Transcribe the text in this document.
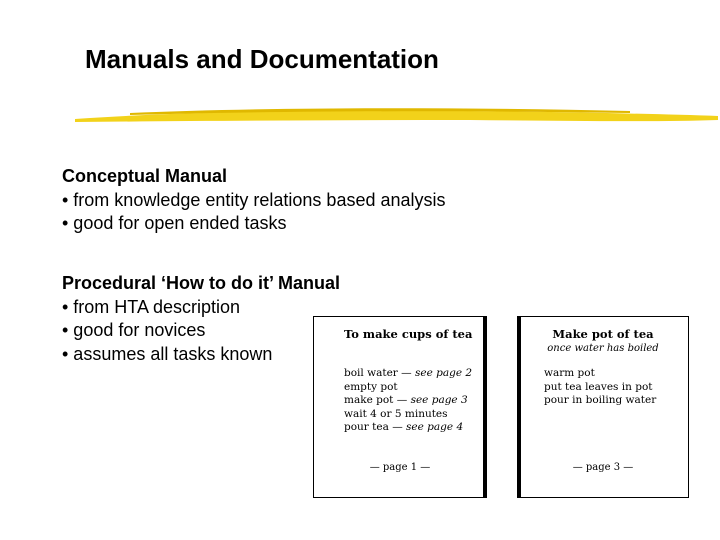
Manuals and Documentation
Conceptual Manual
• from knowledge entity relations based analysis
• good for open ended tasks
Procedural ‘How to do it’ Manual
• from HTA description
• good for novices
• assumes all tasks known
To make cups of tea
boil water — see page 2
empty pot
make pot — see page 3
wait 4 or 5 minutes
pour tea — see page 4
— page 1 —
Make pot of tea
once water has boiled
warm pot
put tea leaves in pot
pour in boiling water
— page 3 —
